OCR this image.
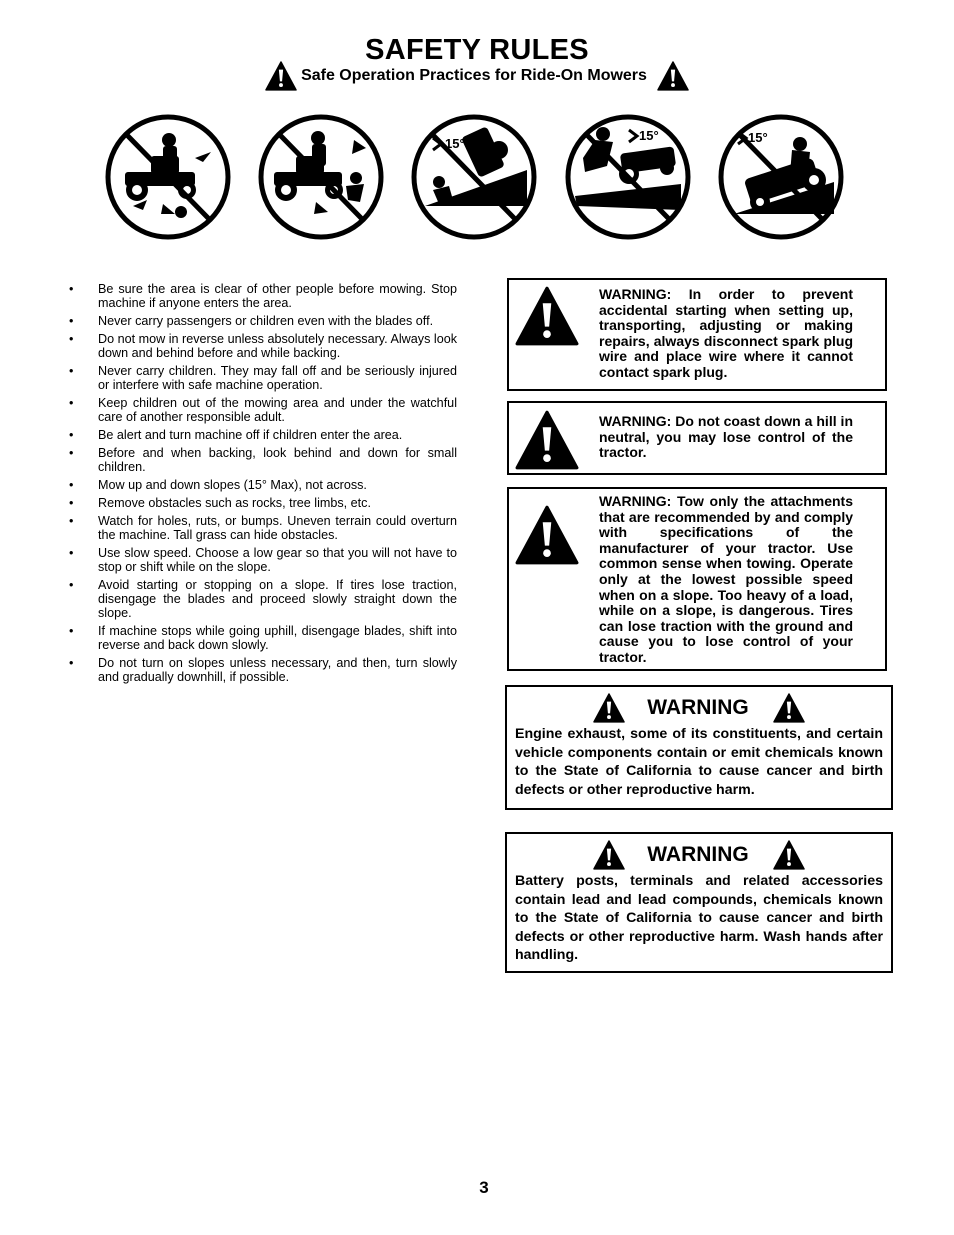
SAFETY RULES
Safe Operation Practices for Ride-On Mowers
15°
15°	15°
• Be sure the area is clear of other people before mowing. Stop machine if anyone enters the area.
• Never carry passengers or children even with the blades off.
• Do not mow in reverse unless absolutely necessary. Always look down and behind before and while backing.
• Never carry children. They may fall off and be seriously injured or interfere with safe machine operation.
• Keep children out of the mowing area and under the watchful care of another responsible adult.
• Be alert and turn machine off if children enter the area.
• Before and when backing, look behind and down for small children.
• Mow up and down slopes (15° Max), not across.
• Remove obstacles such as rocks, tree limbs, etc.
• Watch for holes, ruts, or bumps. Uneven terrain could overturn the machine. Tall grass can hide obstacles.
• Use slow speed. Choose a low gear so that you will not have to stop or shift while on the slope.
• Avoid starting or stopping on a slope. If tires lose traction, disengage the blades and proceed slowly straight down the slope.
• If machine stops while going uphill, disengage blades, shift into reverse and back down slowly.
• Do not turn on slopes unless necessary, and then, turn slowly and gradually downhill, if possible.
WARNING: In order to prevent accidental starting when setting up, transporting, adjusting or making repairs, always disconnect spark plug wire and place wire where it cannot contact spark plug.
WARNING: Do not coast down a hill in neutral, you may lose control of the tractor.
WARNING: Tow only the attachments that are recommended by and comply with specifications of the manufacturer of your tractor. Use common sense when towing. Operate only at the lowest possible speed when on a slope. Too heavy of a load, while on a slope, is dangerous. Tires can lose traction with the ground and cause you to lose control of your tractor.
WARNING
Engine exhaust, some of its constituents, and certain vehicle components contain or emit chemicals known to the State of California to cause cancer and birth defects or other reproductive harm.
WARNING
Battery posts, terminals and related accessories contain lead and lead compounds, chemicals known to the State of California to cause cancer and birth defects or other reproductive harm. Wash hands after handling.
3
